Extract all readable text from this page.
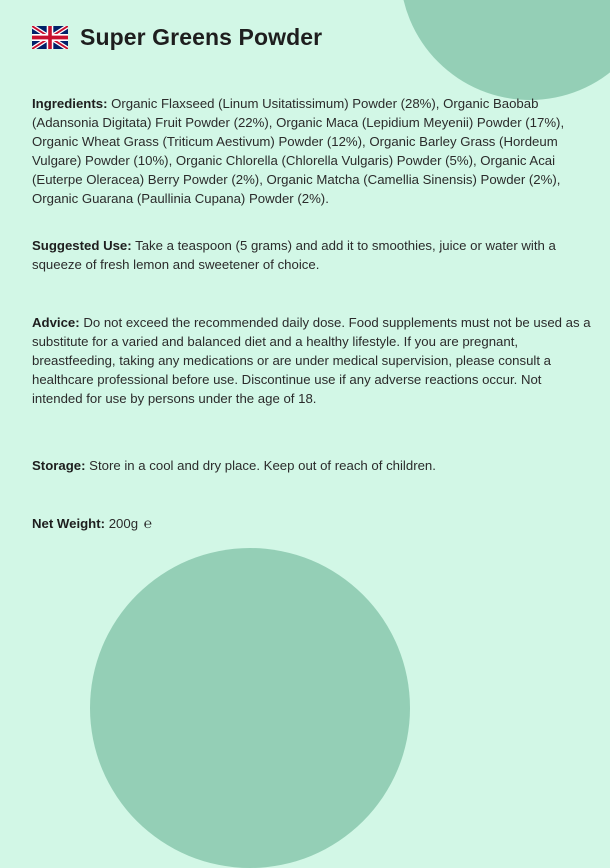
Super Greens Powder
Ingredients: Organic Flaxseed (Linum Usitatissimum) Powder (28%), Organic Baobab (Adansonia Digitata) Fruit Powder (22%), Organic Maca (Lepidium Meyenii) Powder (17%), Organic Wheat Grass (Triticum Aestivum) Powder (12%), Organic Barley Grass (Hordeum Vulgare) Powder (10%), Organic Chlorella (Chlorella Vulgaris) Powder (5%), Organic Acai (Euterpe Oleracea) Berry Powder (2%), Organic Matcha (Camellia Sinensis) Powder (2%), Organic Guarana (Paullinia Cupana) Powder (2%).
Suggested Use: Take a teaspoon (5 grams) and add it to smoothies, juice or water with a squeeze of fresh lemon and sweetener of choice.
Advice: Do not exceed the recommended daily dose. Food supplements must not be used as a substitute for a varied and balanced diet and a healthy lifestyle. If you are pregnant, breastfeeding, taking any medications or are under medical supervision, please consult a healthcare professional before use. Discontinue use if any adverse reactions occur. Not intended for use by persons under the age of 18.
Storage: Store in a cool and dry place. Keep out of reach of children.
Net Weight: 200g ℮
